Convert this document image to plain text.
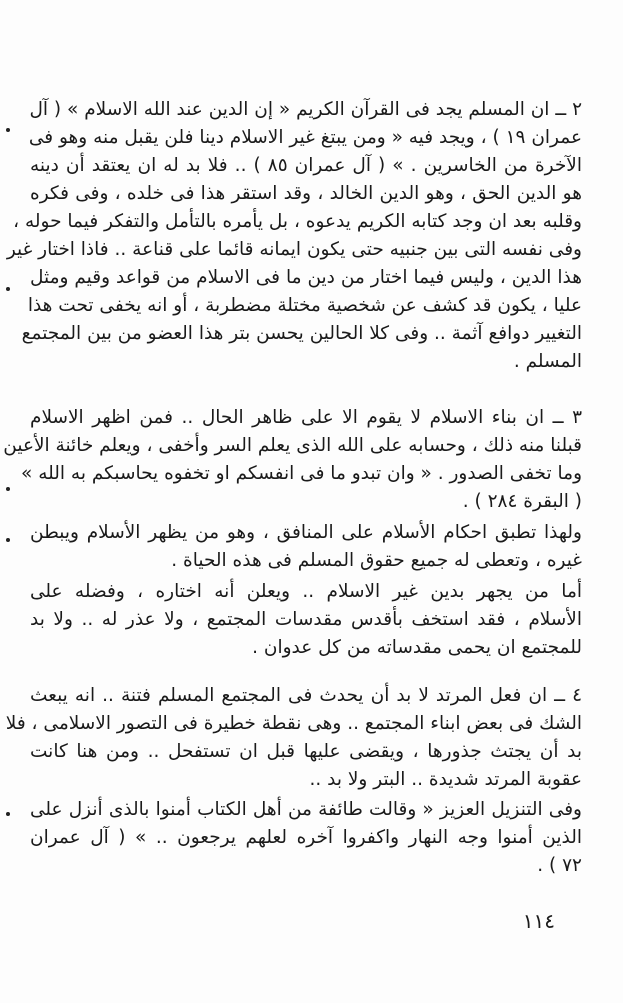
٢ ــ ان المسلم يجد فى القرآن الكريم « إن الدين عند الله الاسلام » ( آل
عمران ١٩ ) ، ويجد فيه « ومن يبتغ غير الاسلام دينا فلن يقبل منه وهو فى
الآخرة من الخاسرين . » ( آل عمران ٨٥ ) .. فلا بد له ان يعتقد أن دينه
هو الدين الحق ، وهو الدين الخالد ، وقد استقر هذا فى خلده ، وفى فكره
وقلبه بعد ان وجد كتابه الكريم يدعوه ، بل يأمره بالتأمل والتفكر فيما حوله ،
وفى نفسه التى بين جنبيه حتى يكون ايمانه قائما على قناعة .. فاذا اختار غير
هذا الدين ، وليس فيما اختار من دين ما فى الاسلام من قواعد وقيم ومثل
عليا ، يكون قد كشف عن شخصية مختلة مضطربة ، أو انه يخفى تحت هذا
التغيير دوافع آثمة .. وفى كلا الحالين يحسن بتر هذا العضو من بين المجتمع
المسلم .
٣ ــ ان بناء الاسلام لا يقوم الا على ظاهر الحال .. فمن اظهر الاسلام
قبلنا منه ذلك ، وحسابه على الله الذى يعلم السر وأخفى ، ويعلم خائنة الأعين
وما تخفى الصدور . « وان تبدو ما فى انفسكم او تخفوه يحاسبكم به الله »
( البقرة ٢٨٤ ) .
ولهذا تطبق احكام الأسلام على المنافق ، وهو من يظهر الأسلام ويبطن
غيره ، وتعطى له جميع حقوق المسلم فى هذه الحياة .
أما من يجهر بدين غير الاسلام .. ويعلن أنه اختاره ، وفضله على
الأسلام ، فقد استخف بأقدس مقدسات المجتمع ، ولا عذر له .. ولا بد
للمجتمع ان يحمى مقدساته من كل عدوان .
٤ ــ ان فعل المرتد لا بد أن يحدث فى المجتمع المسلم فتنة .. انه يبعث
الشك فى بعض ابناء المجتمع .. وهى نقطة خطيرة فى التصور الاسلامى ، فلا
بد أن يجتث جذورها ، ويقضى عليها قبل ان تستفحل .. ومن هنا كانت
عقوبة المرتد شديدة .. البتر ولا بد ..
وفى التنزيل العزيز « وقالت طائفة من أهل الكتاب أمنوا بالذى أنزل على
الذين أمنوا وجه النهار واكفروا آخره لعلهم يرجعون .. » ( آل عمران
٧٢ ) .
١١٤
